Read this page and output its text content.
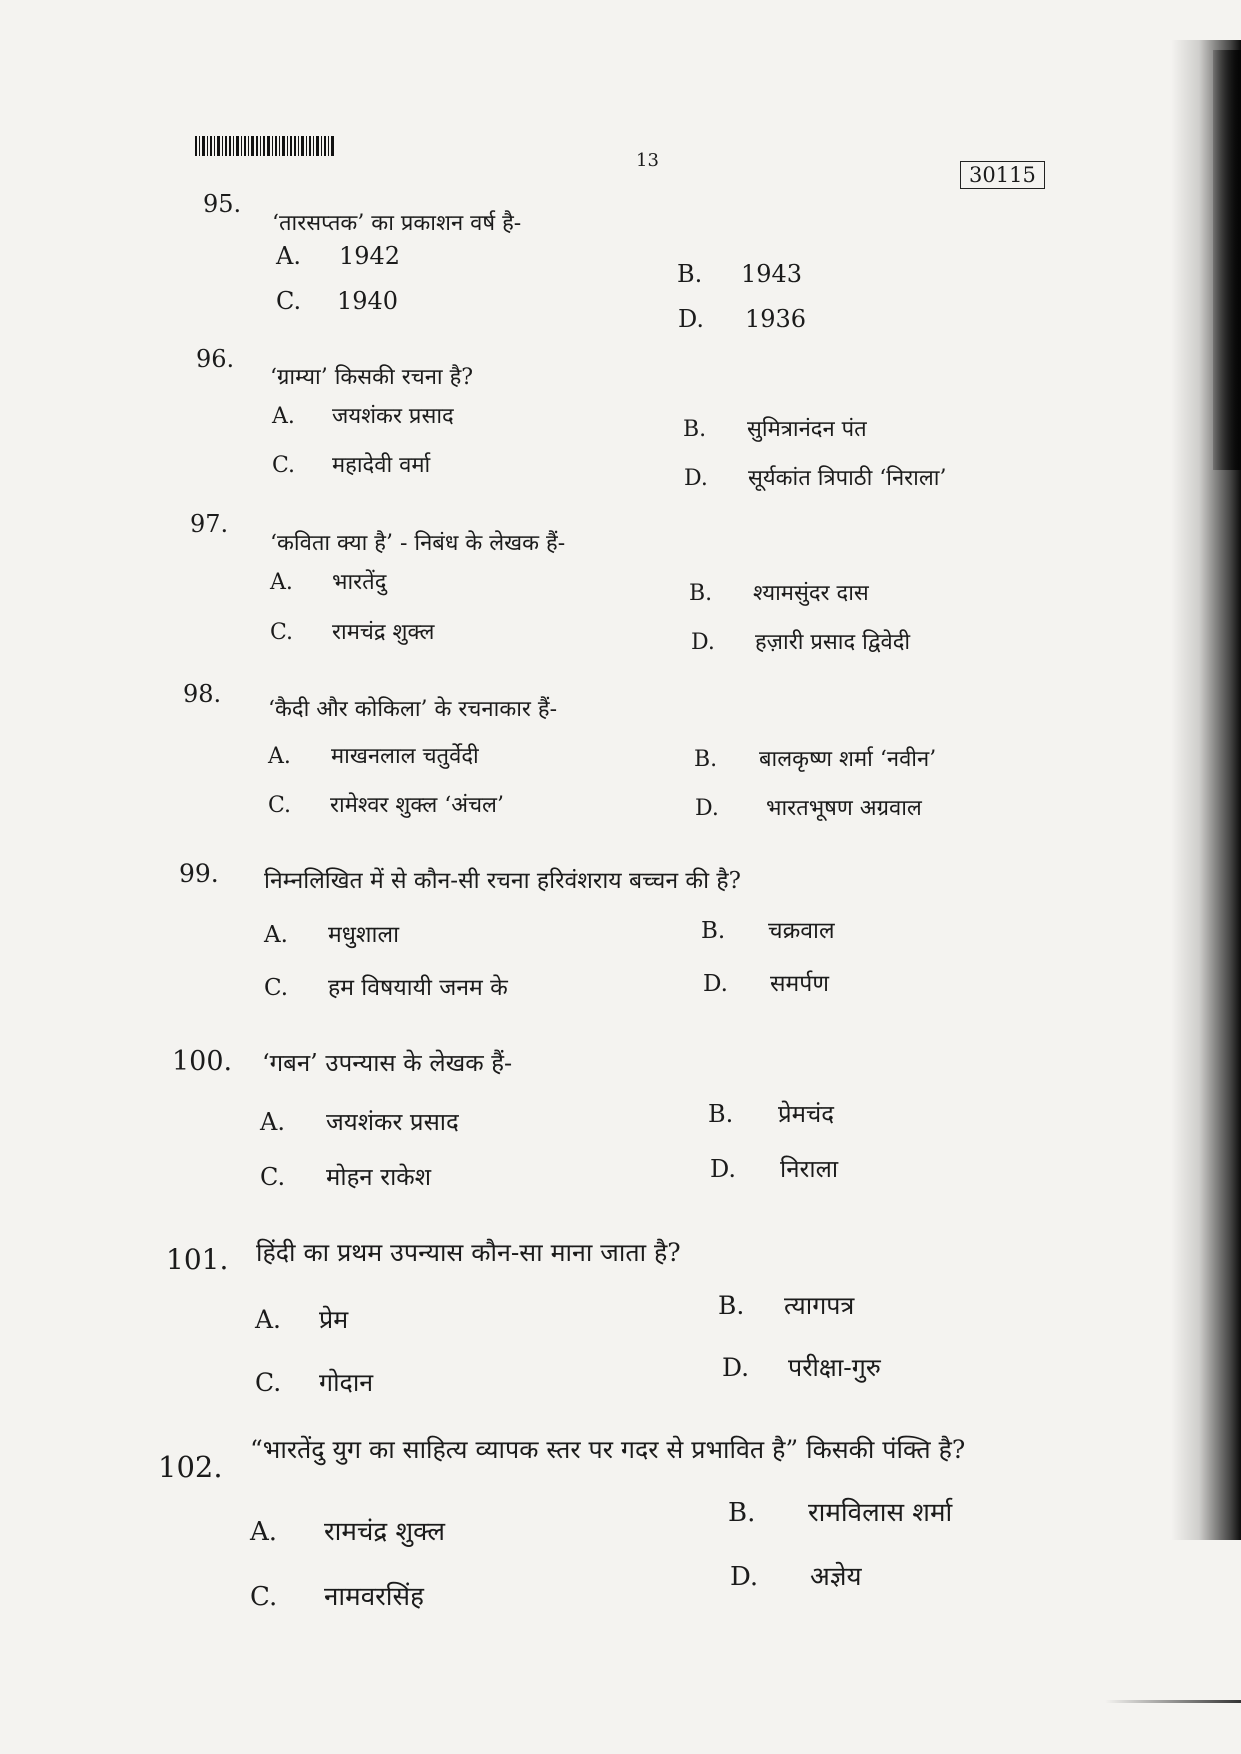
13
30115
95.
‘तारसप्तक’ का प्रकाशन वर्ष है-
A. 1942
B. 1943
C. 1940
D. 1936
96.
‘ग्राम्या’ किसकी रचना है?
A. जयशंकर प्रसाद
B. सुमित्रानंदन पंत
C. महादेवी वर्मा
D. सूर्यकांत त्रिपाठी ‘निराला’
97.
‘कविता क्या है’ - निबंध के लेखक हैं-
A. भारतेंदु	B. श्यामसुंदर दास
C. रामचंद्र शुक्ल	D. हज़ारी प्रसाद द्विवेदी
98.
‘कैदी और कोकिला’ के रचनाकार हैं-
A. माखनलाल चतुर्वेदी	B. बालकृष्ण शर्मा ‘नवीन’
C. रामेश्वर शुक्ल ‘अंचल’	D. भारतभूषण अग्रवाल
99. निम्नलिखित में से कौन-सी रचना हरिवंशराय बच्चन की है?
A. मधुशाला	B. चक्रवाल
C. हम विषयायी जनम के	D. समर्पण
100. ‘गबन’ उपन्यास के लेखक हैं-
A. जयशंकर प्रसाद	B. प्रेमचंद
C. मोहन राकेश	D. निराला
101. हिंदी का प्रथम उपन्यास कौन-सा माना जाता है?
A. प्रेम	B. त्यागपत्र
C. गोदान
D. परीक्षा-गुरु
102.
“भारतेंदु युग का साहित्य व्यापक स्तर पर गदर से प्रभावित है” किसकी पंक्ति है?
A. रामचंद्र शुक्ल
B. रामविलास शर्मा
C. नामवरसिंह
D. अज्ञेय
